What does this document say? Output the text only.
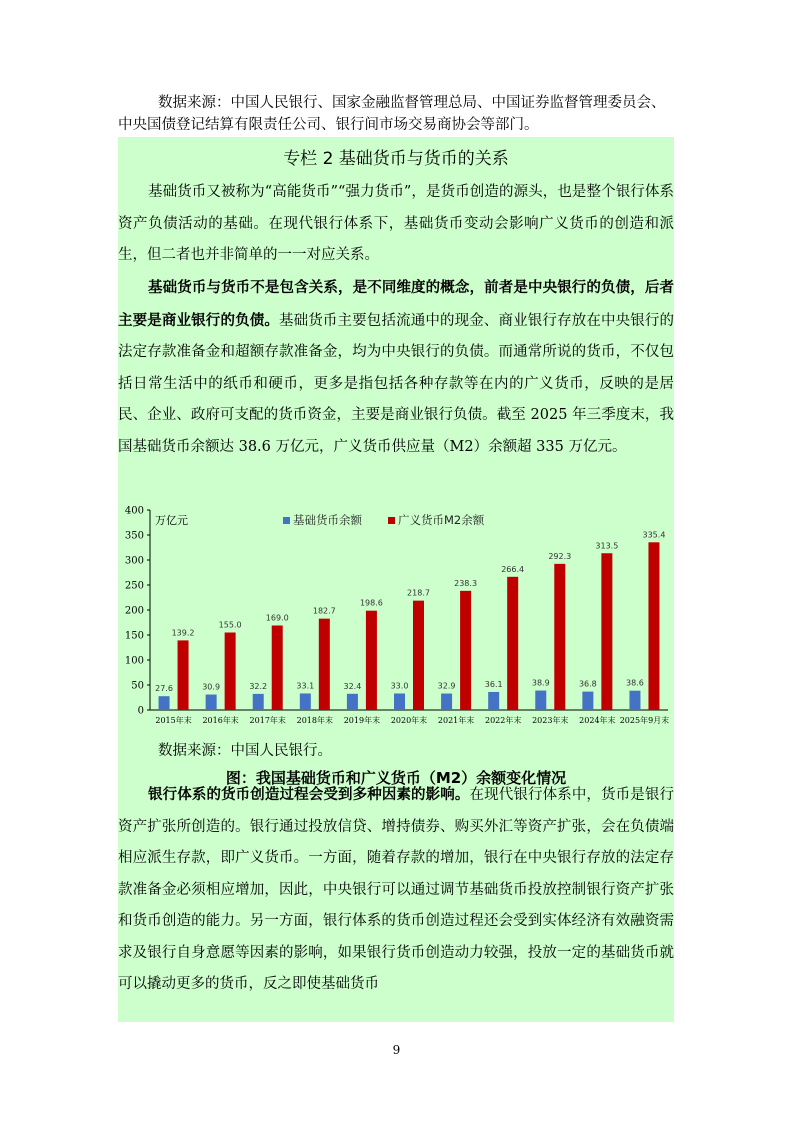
数据来源：中国人民银行、国家金融监督管理总局、中国证券监督管理委员会、中央国债登记结算有限责任公司、银行间市场交易商协会等部门。

专栏 2 基础货币与货币的关系

基础货币又被称为“高能货币”“强力货币”，是货币创造的源头，也是整个银行体系资产负债活动的基础。在现代银行体系下，基础货币变动会影响广义货币的创造和派生，但二者也并非简单的一一对应关系。

基础货币与货币不是包含关系，是不同维度的概念，前者是中央银行的负债，后者主要是商业银行的负债。基础货币主要包括流通中的现金、商业银行存放在中央银行的法定存款准备金和超额存款准备金，均为中央银行的负债。而通常所说的货币，不仅包括日常生活中的纸币和硬币，更多是指包括各种存款等在内的广义货币，反映的是居民、企业、政府可支配的货币资金，主要是商业银行负债。截至 2025 年三季度末，我国基础货币余额达 38.6 万亿元，广义货币供应量（M2）余额超 335 万亿元。

0
50
100
150
200
250
300
350
400
万亿元	基础货币余额	广义货币M2余额
27.6
139.2
2015年末
30.9
155.0
2016年末
32.2
169.0
2017年末
33.1
182.7
2018年末
32.4
198.6
2019年末
33.0
218.7
2020年末
32.9
238.3
2021年末
36.1
266.4
2022年末
38.9
292.3
2023年末
36.8
313.5
2024年末
38.6
335.4
2025年9月末

数据来源：中国人民银行。

图：我国基础货币和广义货币（M2）余额变化情况

银行体系的货币创造过程会受到多种因素的影响。在现代银行体系中，货币是银行资产扩张所创造的。银行通过投放信贷、增持债券、购买外汇等资产扩张，会在负债端相应派生存款，即广义货币。一方面，随着存款的增加，银行在中央银行存放的法定存款准备金必须相应增加，因此，中央银行可以通过调节基础货币投放控制银行资产扩张和货币创造的能力。另一方面，银行体系的货币创造过程还会受到实体经济有效融资需求及银行自身意愿等因素的影响，如果银行货币创造动力较强，投放一定的基础货币就可以撬动更多的货币，反之即使基础货币

9
